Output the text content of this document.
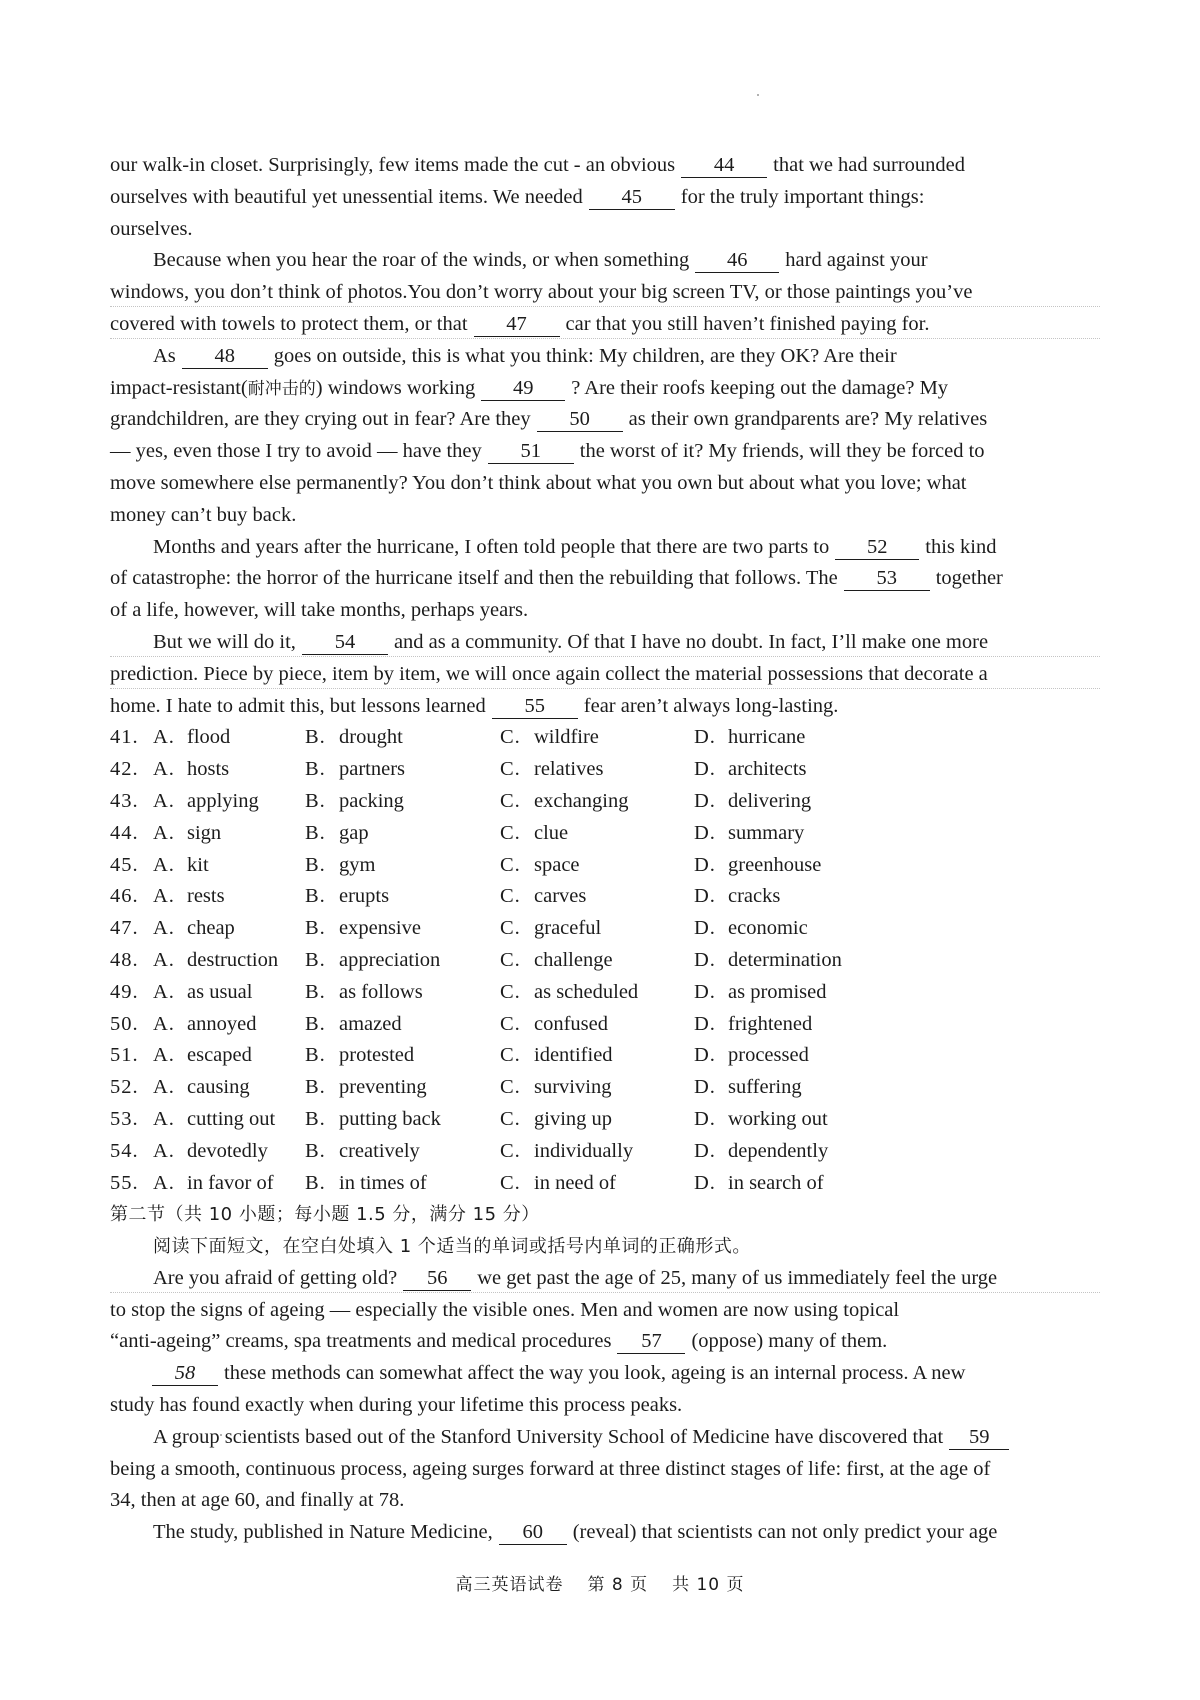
our walk-in closet. Surprisingly, few items made the cut - an obvious 44 that we had surrounded
ourselves with beautiful yet unessential items. We needed 45 for the truly important things:
ourselves.
Because when you hear the roar of the winds, or when something 46 hard against your
windows, you don’t think of photos.You don’t worry about your big screen TV, or those paintings you’ve
covered with towels to protect them, or that 47 car that you still haven’t finished paying for.
As 48 goes on outside, this is what you think: My children, are they OK? Are their
impact-resistant(耐冲击的) windows working 49 ? Are their roofs keeping out the damage? My
grandchildren, are they crying out in fear? Are they 50 as their own grandparents are? My relatives
— yes, even those I try to avoid — have they 51 the worst of it? My friends, will they be forced to
move somewhere else permanently? You don’t think about what you own but about what you love; what
money can’t buy back.
Months and years after the hurricane, I often told people that there are two parts to 52 this kind
of catastrophe: the horror of the hurricane itself and then the rebuilding that follows. The 53 together
of a life, however, will take months, perhaps years.
But we will do it, 54 and as a community. Of that I have no doubt. In fact, I’ll make one more
prediction. Piece by piece, item by item, we will once again collect the material possessions that decorate a
home. I hate to admit this, but lessons learned 55 fear aren’t always long-lasting.
41. A. flood	B. drought	C. wildfire	D. hurricane
42. A. hosts	B. partners	C. relatives	D. architects
43. A. applying B. packing	C. exchanging	D. delivering
44. A. sign	B. gap	C. clue	D. summary
45. A. kit	B. gym	C. space	D. greenhouse
46. A. rests	B. erupts	C. carves	D. cracks
47. A. cheap	B. expensive	C. graceful	D. economic
48. A. destruction B. appreciation	C. challenge	D. determination
49. A. as usual	B. as follows	C. as scheduled	D. as promised
50. A. annoyed B. amazed	C. confused	D. frightened
51. A. escaped	B. protested	C. identified	D. processed
52. A. causing	B. preventing	C. surviving	D. suffering
53. A. cutting out B. putting back	C. giving up	D. working out
54. A. devotedly B. creatively	C. individually	D. dependently
55. A. in favor of B. in times of	C. in need of	D. in search of
第二节（共 10 小题；每小题 1.5 分，满分 15 分）
阅读下面短文，在空白处填入 1 个适当的单词或括号内单词的正确形式。
Are you afraid of getting old? 56 we get past the age of 25, many of us immediately feel the urge
to stop the signs of ageing — especially the visible ones. Men and women are now using topical
“anti-ageing” creams, spa treatments and medical procedures 57 (oppose) many of them.
58 these methods can somewhat affect the way you look, ageing is an internal process. A new
study has found exactly when during your lifetime this process peaks.
A group scientists based out of the Stanford University School of Medicine have discovered that 59
being a smooth, continuous process, ageing surges forward at three distinct stages of life: first, at the age of
34, then at age 60, and finally at 78.
The study, published in Nature Medicine, 60 (reveal) that scientists can not only predict your age
高三英语试卷 第 8 页 共 10 页
